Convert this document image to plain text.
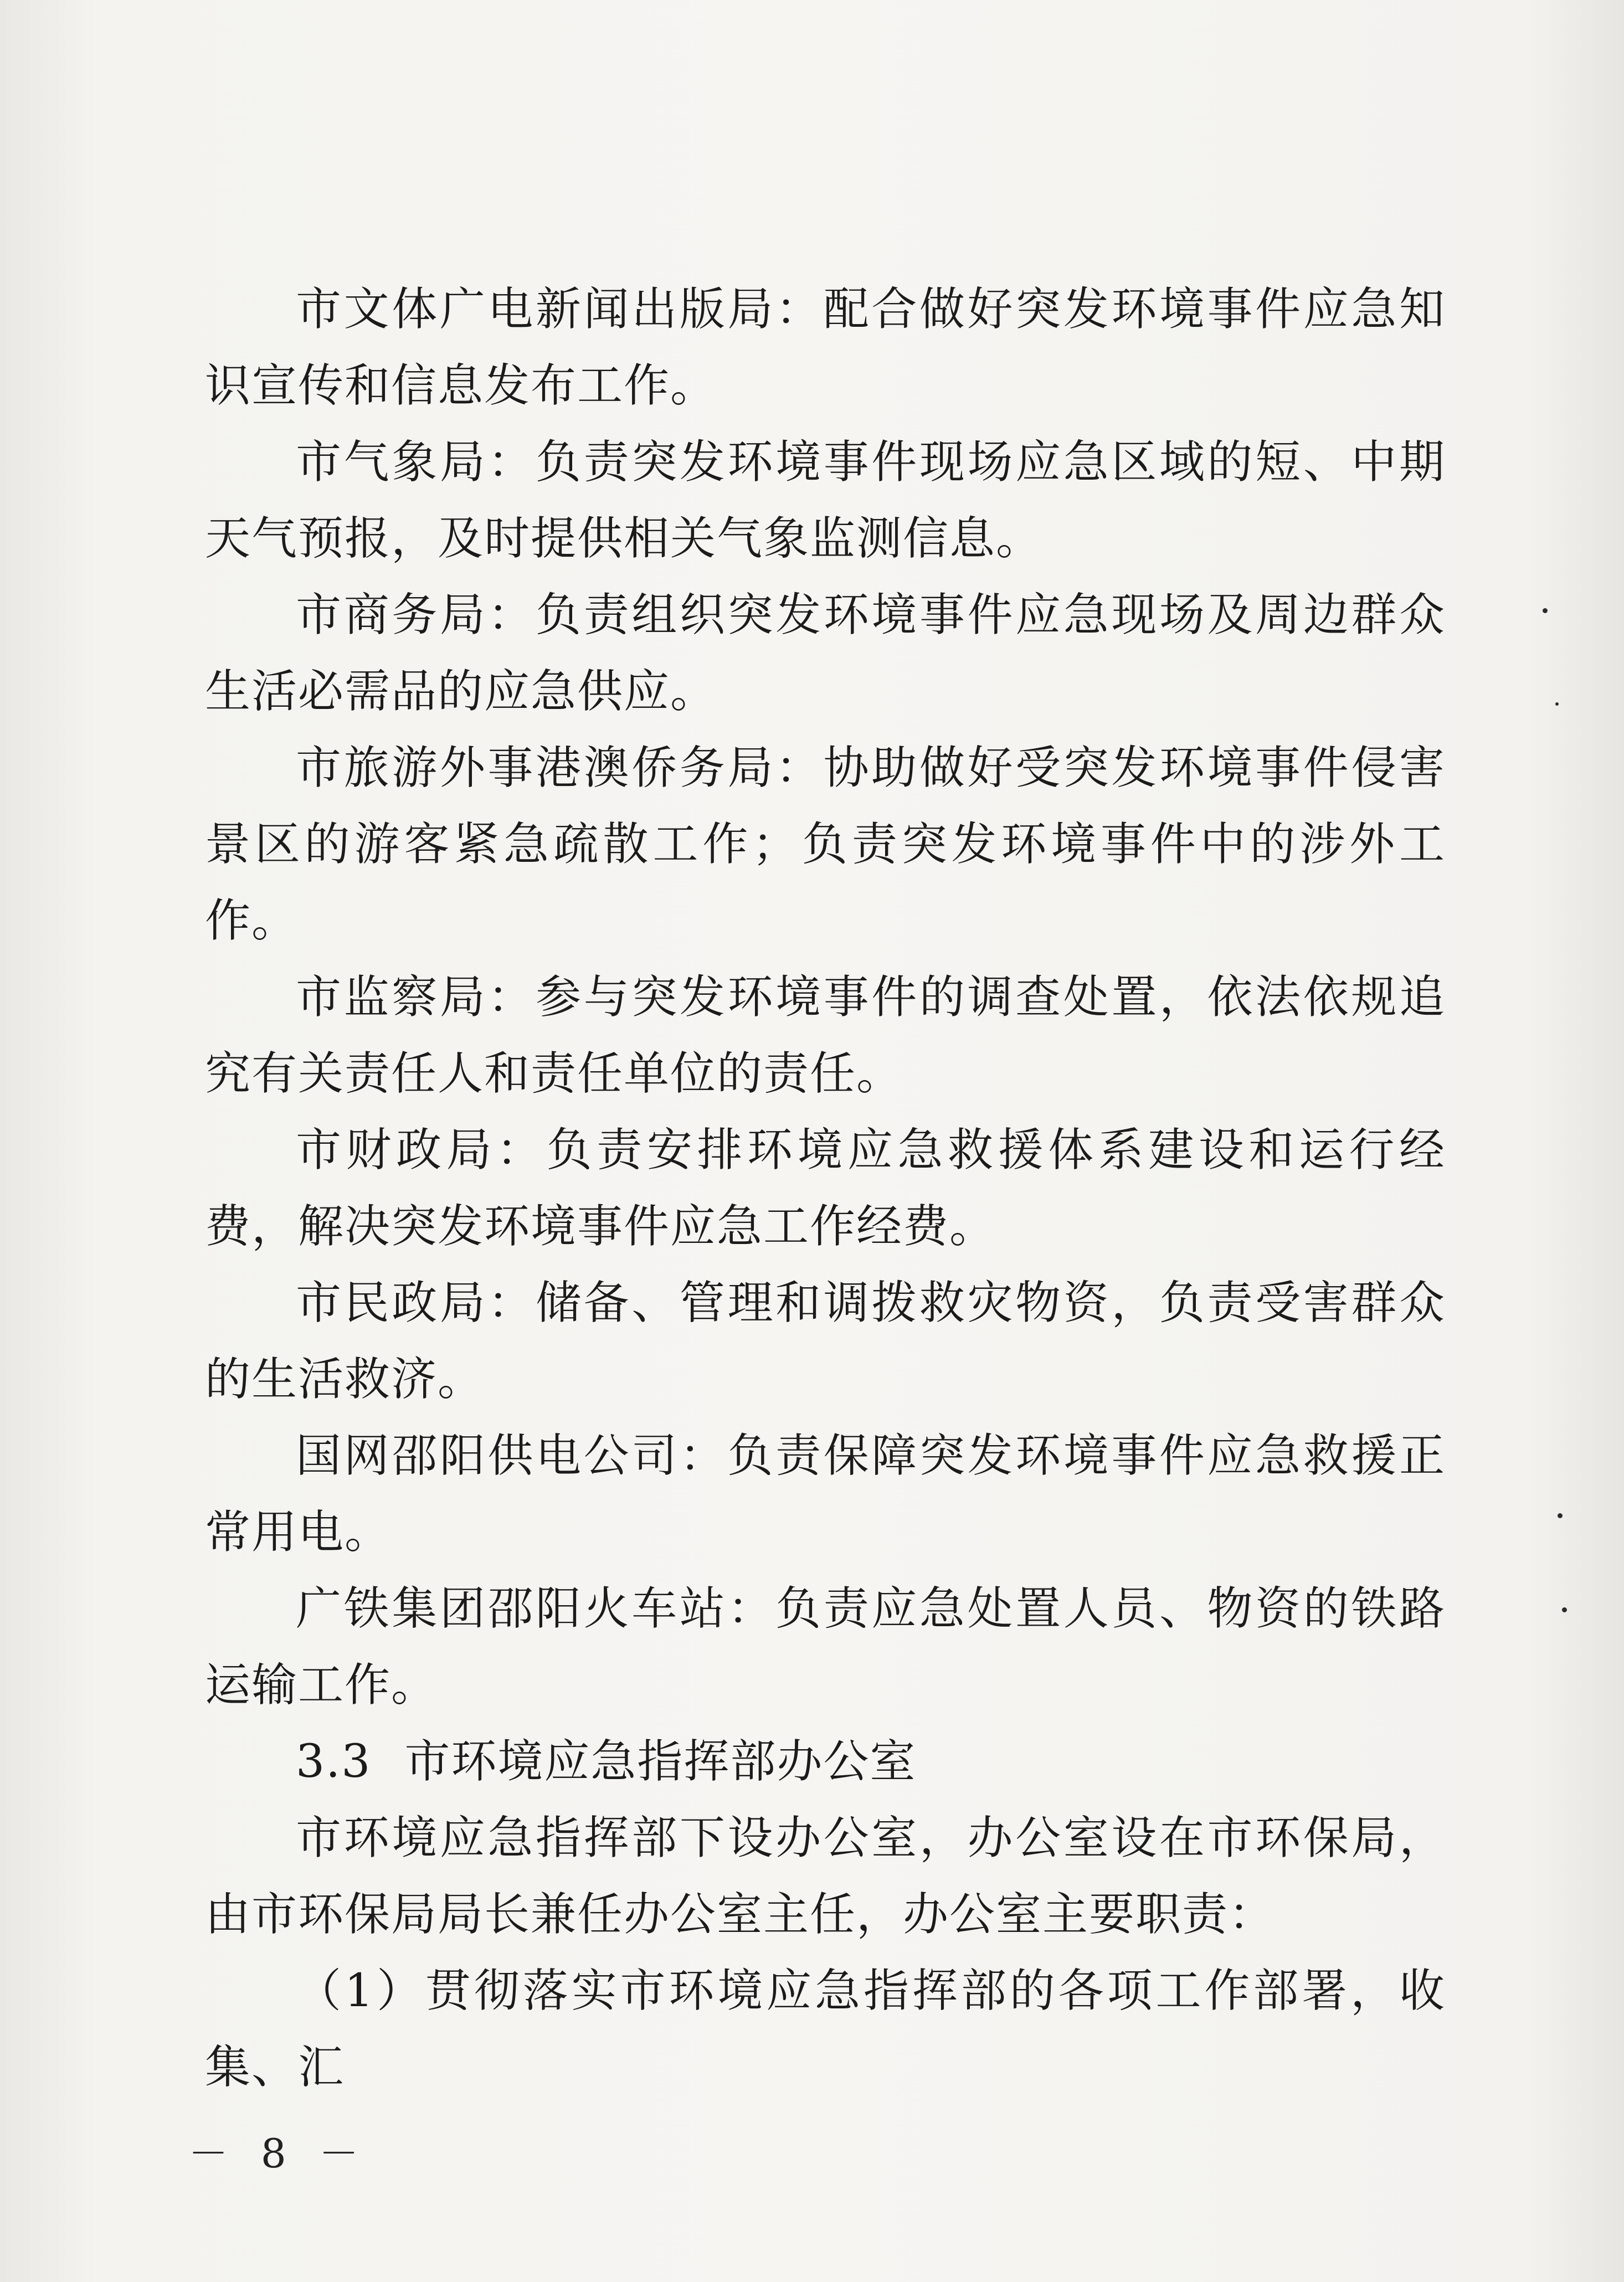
市文体广电新闻出版局：配合做好突发环境事件应急知识宣传和信息发布工作。

市气象局：负责突发环境事件现场应急区域的短、中期天气预报，及时提供相关气象监测信息。

市商务局：负责组织突发环境事件应急现场及周边群众生活必需品的应急供应。

市旅游外事港澳侨务局：协助做好受突发环境事件侵害景区的游客紧急疏散工作；负责突发环境事件中的涉外工作。

市监察局：参与突发环境事件的调查处置，依法依规追究有关责任人和责任单位的责任。

市财政局：负责安排环境应急救援体系建设和运行经费，解决突发环境事件应急工作经费。

市民政局：储备、管理和调拨救灾物资，负责受害群众的生活救济。

国网邵阳供电公司：负责保障突发环境事件应急救援正常用电。

广铁集团邵阳火车站：负责应急处置人员、物资的铁路运输工作。

3.3 市环境应急指挥部办公室

市环境应急指挥部下设办公室，办公室设在市环保局，由市环保局局长兼任办公室主任，办公室主要职责：

（1）贯彻落实市环境应急指挥部的各项工作部署，收集、汇

－ 8 －
